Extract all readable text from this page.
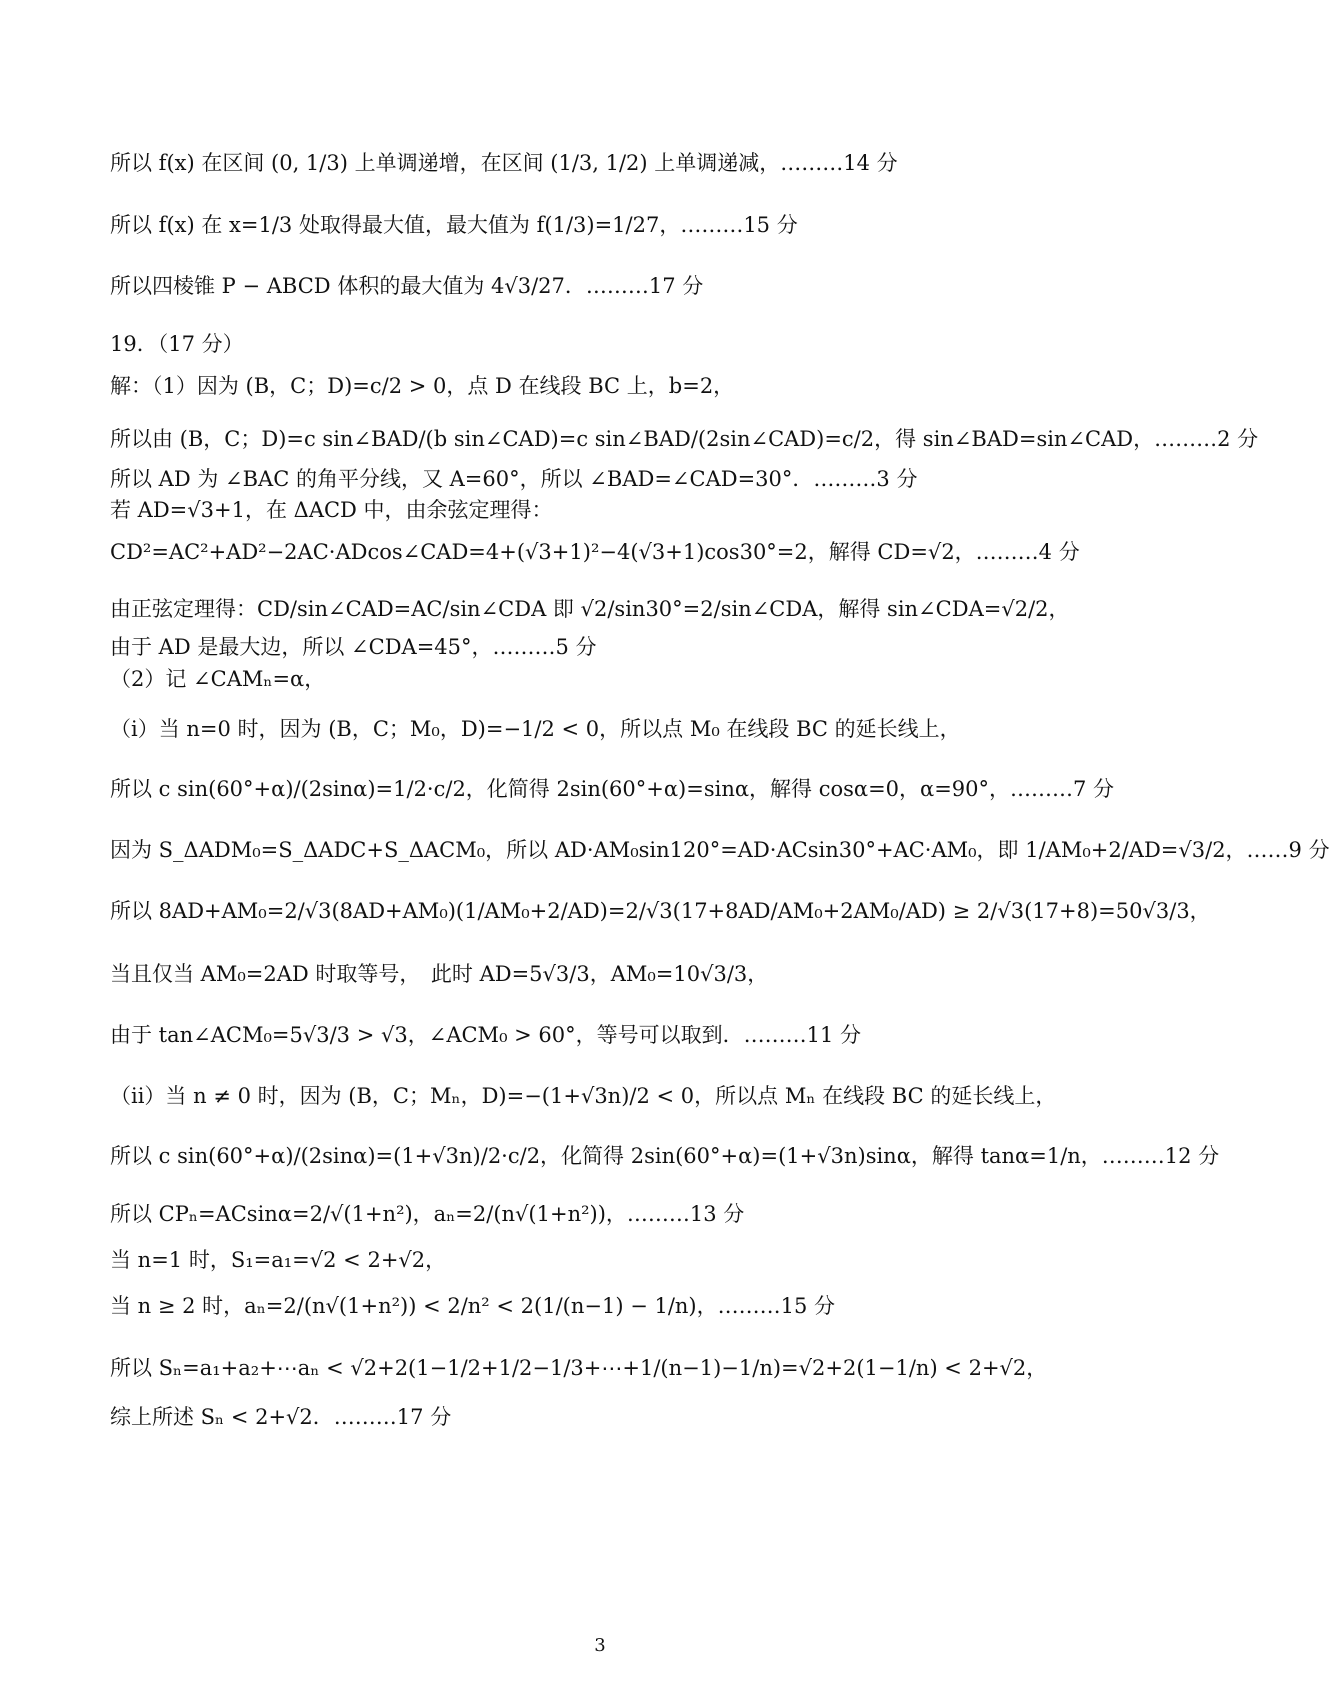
所以 f(x) 在区间 (0, 1/3) 上单调递增，在区间 (1/3, 1/2) 上单调递减，………14 分
所以 f(x) 在 x=1/3 处取得最大值，最大值为 f(1/3)=1/27，………15 分
所以四棱锥 P − ABCD 体积的最大值为 4√3/27．………17 分
19．（17 分）
解：（1）因为 (B，C；D)=c/2 > 0，点 D 在线段 BC 上，b=2，
所以由 (B，C；D)=c sin∠BAD/(b sin∠CAD)=c sin∠BAD/(2sin∠CAD)=c/2，得 sin∠BAD=sin∠CAD，………2 分
所以 AD 为 ∠BAC 的角平分线，又 A=60°，所以 ∠BAD=∠CAD=30°．………3 分
若 AD=√3+1，在 ΔACD 中，由余弦定理得：
CD²=AC²+AD²−2AC·ADcos∠CAD=4+(√3+1)²−4(√3+1)cos30°=2，解得 CD=√2，………4 分
由正弦定理得：CD/sin∠CAD=AC/sin∠CDA 即 √2/sin30°=2/sin∠CDA，解得 sin∠CDA=√2/2，
由于 AD 是最大边，所以 ∠CDA=45°，………5 分
（2）记 ∠CAMₙ=α，
（i）当 n=0 时，因为 (B，C；M₀，D)=−1/2 < 0，所以点 M₀ 在线段 BC 的延长线上，
所以 c sin(60°+α)/(2sinα)=1/2·c/2，化简得 2sin(60°+α)=sinα，解得 cosα=0，α=90°，………7 分
因为 S_ΔADM₀=S_ΔADC+S_ΔACM₀，所以 AD·AM₀sin120°=AD·ACsin30°+AC·AM₀，即 1/AM₀+2/AD=√3/2，……9 分
所以 8AD+AM₀=2/√3(8AD+AM₀)(1/AM₀+2/AD)=2/√3(17+8AD/AM₀+2AM₀/AD) ≥ 2/√3(17+8)=50√3/3，
当且仅当 AM₀=2AD 时取等号，　此时 AD=5√3/3，AM₀=10√3/3，
由于 tan∠ACM₀=5√3/3 > √3，∠ACM₀ > 60°，等号可以取到．………11 分
（ii）当 n ≠ 0 时，因为 (B，C；Mₙ，D)=−(1+√3n)/2 < 0，所以点 Mₙ 在线段 BC 的延长线上，
所以 c sin(60°+α)/(2sinα)=(1+√3n)/2·c/2，化简得 2sin(60°+α)=(1+√3n)sinα，解得 tanα=1/n，………12 分
所以 CPₙ=ACsinα=2/√(1+n²)，aₙ=2/(n√(1+n²))，………13 分
当 n=1 时，S₁=a₁=√2 < 2+√2，
当 n ≥ 2 时，aₙ=2/(n√(1+n²)) < 2/n² < 2(1/(n−1) − 1/n)，………15 分
所以 Sₙ=a₁+a₂+⋯aₙ < √2+2(1−1/2+1/2−1/3+⋯+1/(n−1)−1/n)=√2+2(1−1/n) < 2+√2，
综上所述 Sₙ < 2+√2．………17 分
3
